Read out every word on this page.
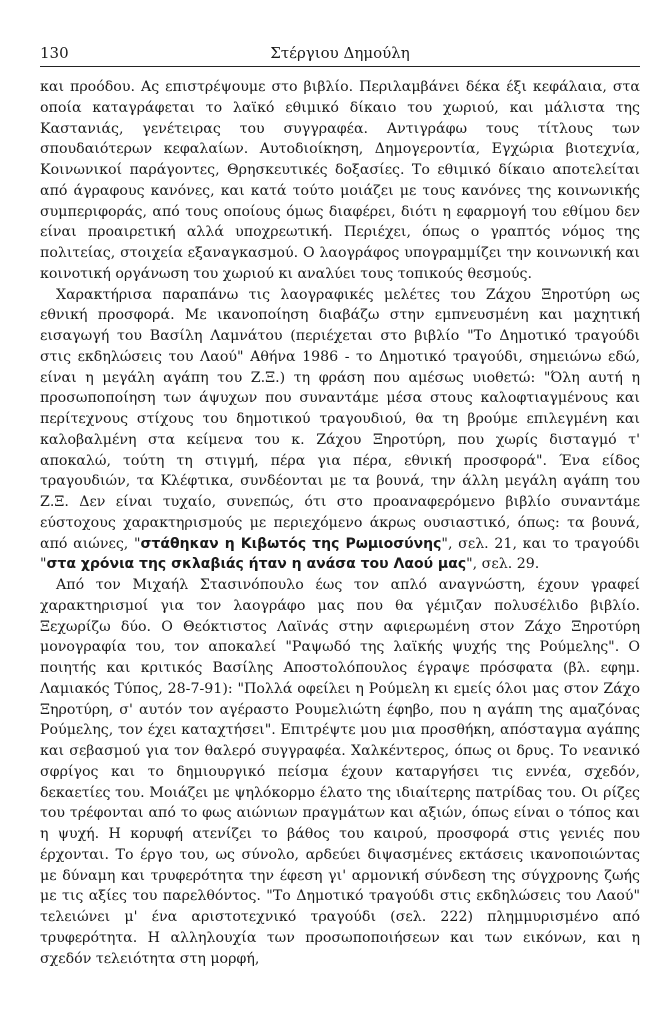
130	Στέργιου Δημούλη

και προόδου. Ας επιστρέψουμε στο βιβλίο. Περιλαμβάνει δέκα έξι κεφάλαια, στα οποία καταγράφεται το λαϊκό εθιμικό δίκαιο του χωριού, και μάλιστα της Καστανιάς, γενέτειρας του συγγραφέα. Αντιγράφω τους τίτλους των σπουδαιότερων κεφαλαίων. Αυτοδιοίκηση, Δημογεροντία, Εγχώρια βιοτεχνία, Κοινωνικοί παράγοντες, Θρησκευτικές δοξασίες. Το εθιμικό δίκαιο αποτελείται από άγραφους κανόνες, και κατά τούτο μοιάζει με τους κανόνες της κοινωνικής συμπεριφοράς, από τους οποίους όμως διαφέρει, διότι η εφαρμογή του εθίμου δεν είναι προαιρετική αλλά υποχρεωτική. Περιέχει, όπως ο γραπτός νόμος της πολιτείας, στοιχεία εξαναγκασμού. Ο λαογράφος υπογραμμίζει την κοινωνική και κοινοτική οργάνωση του χωριού κι αναλύει τους τοπικούς θεσμούς.

Χαρακτήρισα παραπάνω τις λαογραφικές μελέτες του Ζάχου Ξηροτύρη ως εθνική προσφορά. Με ικανοποίηση διαβάζω στην εμπνευσμένη και μαχητική εισαγωγή του Βασίλη Λαμνάτου (περιέχεται στο βιβλίο "Το Δημοτικό τραγούδι στις εκδηλώσεις του Λαού" Αθήνα 1986 - το Δημοτικό τραγούδι, σημειώνω εδώ, είναι η μεγάλη αγάπη του Ζ.Ξ.) τη φράση που αμέσως υιοθετώ: "Όλη αυτή η προσωποποίηση των άψυχων που συναντάμε μέσα στους καλοφτιαγμένους και περίτεχνους στίχους του δημοτικού τραγουδιού, θα τη βρούμε επιλεγμένη και καλοβαλμένη στα κείμενα του κ. Ζάχου Ξηροτύρη, που χωρίς δισταγμό τ' αποκαλώ, τούτη τη στιγμή, πέρα για πέρα, εθνική προσφορά". Ένα είδος τραγουδιών, τα Κλέφτικα, συνδέονται με τα βουνά, την άλλη μεγάλη αγάπη του Ζ.Ξ. Δεν είναι τυχαίο, συνεπώς, ότι στο προαναφερόμενο βιβλίο συναντάμε εύστοχους χαρακτηρισμούς με περιεχόμενο άκρως ουσιαστικό, όπως: τα βουνά, από αιώνες, "στάθηκαν η Κιβωτός της Ρωμιοσύνης", σελ. 21, και το τραγούδι "στα χρόνια της σκλαβιάς ήταν η ανάσα του Λαού μας", σελ. 29.

Από τον Μιχαήλ Στασινόπουλο έως τον απλό αναγνώστη, έχουν γραφεί χαρακτηρισμοί για τον λαογράφο μας που θα γέμιζαν πολυσέλιδο βιβλίο. Ξεχωρίζω δύο. Ο Θεόκτιστος Λαϊνάς στην αφιερωμένη στον Ζάχο Ξηροτύρη μονογραφία του, τον αποκαλεί "Ραψωδό της λαϊκής ψυχής της Ρούμελης". Ο ποιητής και κριτικός Βασίλης Αποστολόπουλος έγραψε πρόσφατα (βλ. εφημ. Λαμιακός Τύπος, 28-7-91): "Πολλά οφείλει η Ρούμελη κι εμείς όλοι μας στον Ζάχο Ξηροτύρη, σ' αυτόν τον αγέραστο Ρουμελιώτη έφηβο, που η αγάπη της αμαζόνας Ρούμελης, τον έχει καταχτήσει". Επιτρέψτε μου μια προσθήκη, απόσταγμα αγάπης και σεβασμού για τον θαλερό συγγραφέα. Χαλκέντερος, όπως οι δρυς. Το νεανικό σφρίγος και το δημιουργικό πείσμα έχουν καταργήσει τις εννέα, σχεδόν, δεκαετίες του. Μοιάζει με ψηλόκορμο έλατο της ιδιαίτερης πατρίδας του. Οι ρίζες του τρέφονται από το φως αιώνιων πραγμάτων και αξιών, όπως είναι ο τόπος και η ψυχή. Η κορυφή ατενίζει το βάθος του καιρού, προσφορά στις γενιές που έρχονται. Το έργο του, ως σύνολο, αρδεύει διψασμένες εκτάσεις ικανοποιώντας με δύναμη και τρυφερότητα την έφεση γι' αρμονική σύνδεση της σύγχρονης ζωής με τις αξίες του παρελθόντος. "Το Δημοτικό τραγούδι στις εκδηλώσεις του Λαού" τελειώνει μ' ένα αριστοτεχνικό τραγούδι (σελ. 222) πλημμυρισμένο από τρυφερότητα. Η αλληλουχία των προσωποποιήσεων και των εικόνων, και η σχεδόν τελειότητα στη μορφή,
